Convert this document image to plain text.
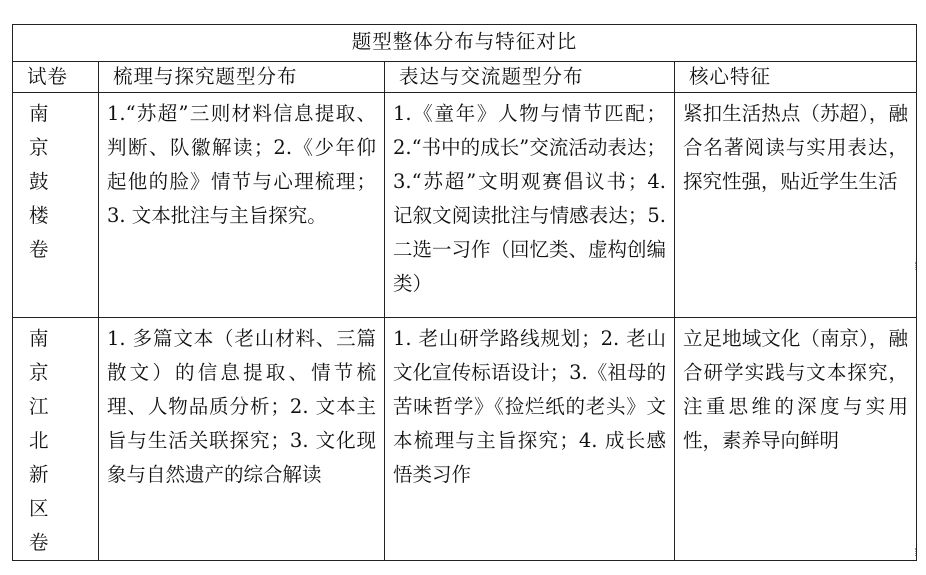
题型整体分布与特征对比			
试卷	梳理与探究题型分布	表达与交流题型分布	核心特征
南京鼓楼卷	1.“苏超”三则材料信息提取、判断、队徽解读；2.《少年仰起他的脸》情节与心理梳理；3. 文本批注与主旨探究。	1.《童年》人物与情节匹配；2.“书中的成长”交流活动表达；3.“苏超”文明观赛倡议书；4. 记叙文阅读批注与情感表达；5. 二选一习作（回忆类、虚构创编类）	紧扣生活热点（苏超），融合名著阅读与实用表达，探究性强，贴近学生生活
南京江北新区卷	1. 多篇文本（老山材料、三篇散文）的信息提取、情节梳理、人物品质分析；2. 文本主旨与生活关联探究；3. 文化现象与自然遗产的综合解读	1. 老山研学路线规划；2. 老山文化宣传标语设计；3.《祖母的苦味哲学》《捡烂纸的老头》文本梳理与主旨探究；4. 成长感悟类习作	立足地域文化（南京），融合研学实践与文本探究，注重思维的深度与实用性，素养导向鲜明
